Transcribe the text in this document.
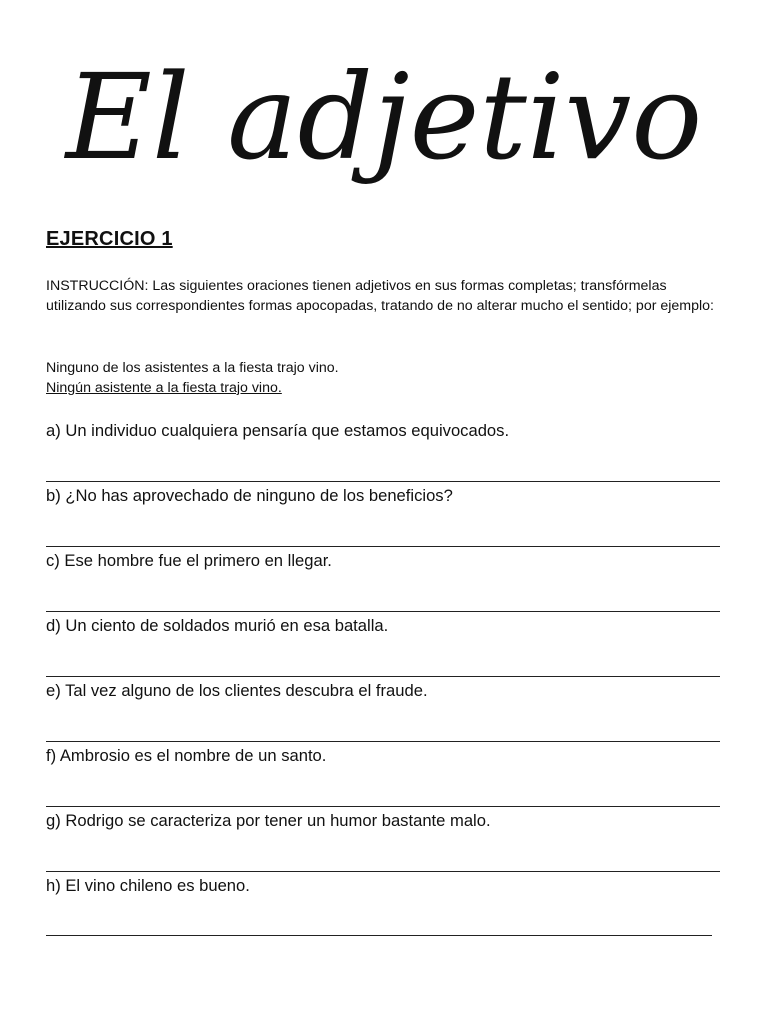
El adjetivo
EJERCICIO 1
INSTRUCCIÓN: Las siguientes oraciones tienen adjetivos en sus formas completas; transfórmelas utilizando sus correspondientes formas apocopadas, tratando de no alterar mucho el sentido; por ejemplo:
Ninguno de los asistentes a la fiesta trajo vino.
Ningún asistente a la fiesta trajo vino.
a) Un individuo cualquiera pensaría que estamos equivocados.
b) ¿No has aprovechado de ninguno de los beneficios?
c) Ese hombre fue el primero en llegar.
d) Un ciento de soldados murió en esa batalla.
e) Tal vez alguno de los clientes descubra el fraude.
f) Ambrosio es el nombre de un santo.
g) Rodrigo se caracteriza por tener un humor bastante malo.
h) El vino chileno es bueno.
